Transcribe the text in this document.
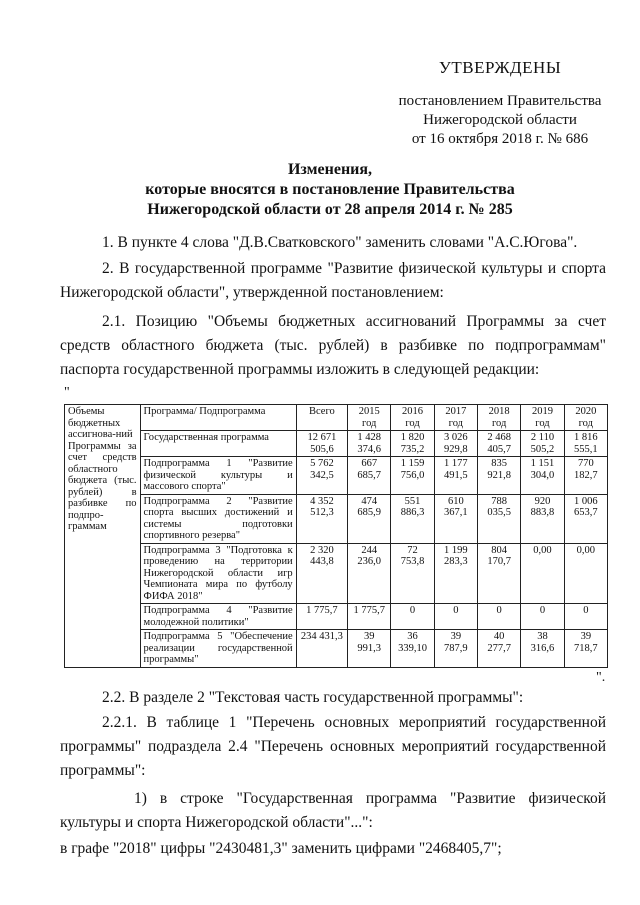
УТВЕРЖДЕНЫ
постановлением Правительства
Нижегородской области
от 16 октября 2018 г. № 686
Изменения,
которые вносятся в постановление Правительства
Нижегородской области от 28 апреля 2014 г. № 285
1. В пункте 4 слова "Д.В.Сватковского" заменить словами "А.С.Югова".
2. В государственной программе "Развитие физической культуры и спорта Нижегородской области", утвержденной постановлением:
2.1. Позицию "Объемы бюджетных ассигнований Программы за счет средств областного бюджета (тыс. рублей) в разбивке по подпрограммам" паспорта государственной программы изложить в следующей редакции:
"
Объемы бюджетных ассигнова-ний Программы за счет средств областного бюджета (тыс. рублей) в разбивке по подпро-граммам	Программа/ Подпрограмма	Всего	2015 год	2016 год	2017 год	2018 год	2019 год	2020 год
	Государственная программа	12 671 505,6	1 428 374,6	1 820 735,2	3 026 929,8	2 468 405,7	2 110 505,2	1 816 555,1
	Подпрограмма 1 "Развитие физической культуры и массового спорта"	5 762 342,5	667 685,7	1 159 756,0	1 177 491,5	835 921,8	1 151 304,0	770 182,7
	Подпрограмма 2 "Развитие спорта высших достижений и системы подготовки спортивного резерва"	4 352 512,3	474 685,9	551 886,3	610 367,1	788 035,5	920 883,8	1 006 653,7
	Подпрограмма 3 "Подготовка к проведению на территории Нижегородской области игр Чемпионата мира по футболу ФИФА 2018"	2 320 443,8	244 236,0	72 753,8	1 199 283,3	804 170,7	0,00	0,00
	Подпрограмма 4 "Развитие молодежной политики"	1 775,7	1 775,7	0	0	0	0	0
	Подпрограмма 5 "Обеспечение реализации государственной программы"	234 431,3	39 991,3	36 339,10	39 787,9	40 277,7	38 316,6	39 718,7
".
2.2. В разделе 2 "Текстовая часть государственной программы":
2.2.1. В таблице 1 "Перечень основных мероприятий государственной программы" подраздела 2.4 "Перечень основных мероприятий государственной программы":
1) в строке "Государственная программа "Развитие физической культуры и спорта Нижегородской области"...":
в графе "2018" цифры "2430481,3" заменить цифрами "2468405,7";
